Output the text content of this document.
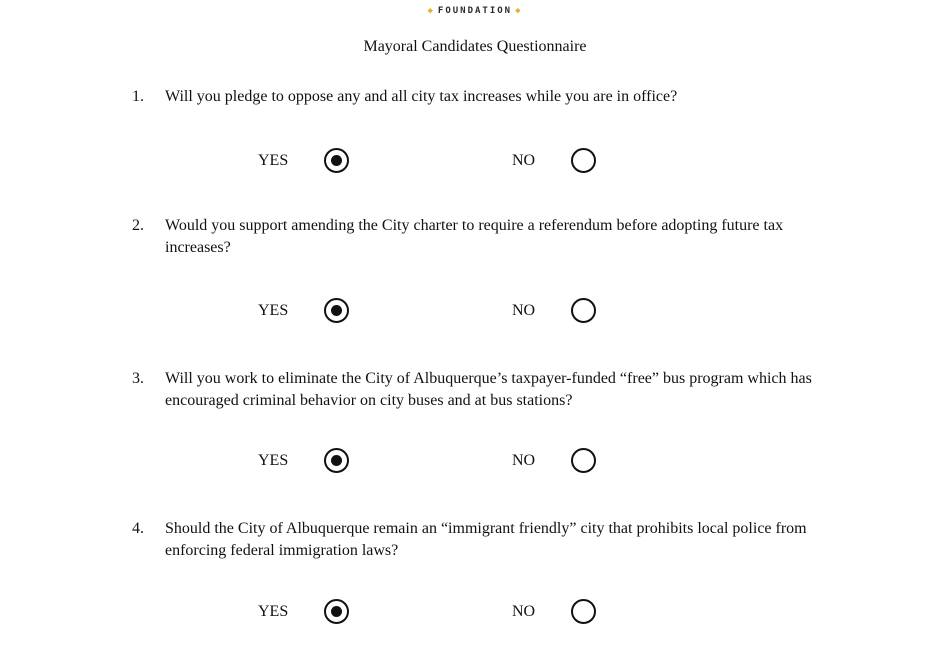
◆ FOUNDATION ◆
Mayoral Candidates Questionnaire
1.	Will you pledge to oppose any and all city tax increases while you are in office?
YES	NO
2.	Would you support amending the City charter to require a referendum before adopting future tax increases?
YES	NO
3.	Will you work to eliminate the City of Albuquerque’s taxpayer-funded “free” bus program which has encouraged criminal behavior on city buses and at bus stations?
YES	NO
4.	Should the City of Albuquerque remain an “immigrant friendly” city that prohibits local police from enforcing federal immigration laws?
YES	NO
